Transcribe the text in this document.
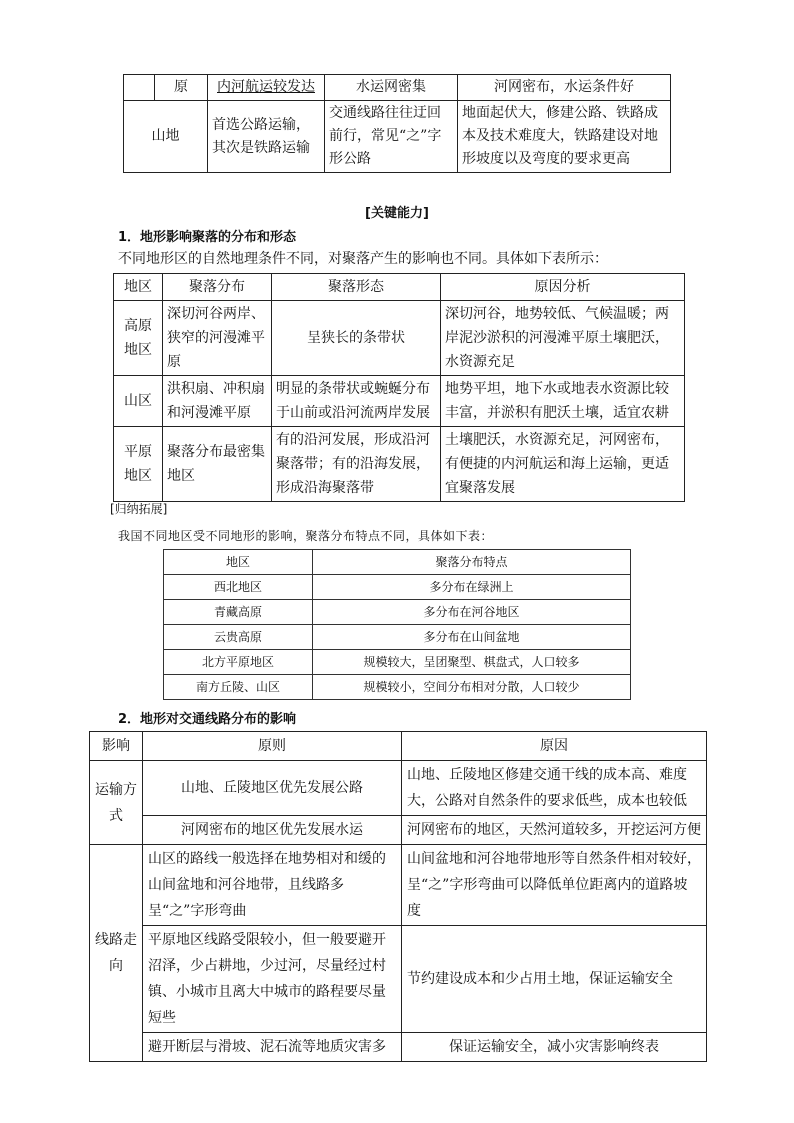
	原	内河航运较发达	水运网密集	河网密布，水运条件好
山地		首选公路运输，其次是铁路运输	交通线路往往迂回前行，常见“之”字形公路	地面起伏大，修建公路、铁路成本及技术难度大，铁路建设对地形坡度以及弯度的要求更高
[关键能力]
1．地形影响聚落的分布和形态
不同地形区的自然地理条件不同，对聚落产生的影响也不同。具体如下表所示：
地区	聚落分布	聚落形态	原因分析
高原地区	深切河谷两岸、狭窄的河漫滩平原	呈狭长的条带状	深切河谷，地势较低、气候温暖；两岸泥沙淤积的河漫滩平原土壤肥沃，水资源充足
山区	洪积扇、冲积扇和河漫滩平原	明显的条带状或蜿蜒分布于山前或沿河流两岸发展	地势平坦，地下水或地表水资源比较丰富，并淤积有肥沃土壤，适宜农耕
平原地区	聚落分布最密集地区	有的沿河发展，形成沿河聚落带；有的沿海发展，形成沿海聚落带	土壤肥沃，水资源充足，河网密布，有便捷的内河航运和海上运输，更适宜聚落发展
[归纳拓展]
我国不同地区受不同地形的影响，聚落分布特点不同，具体如下表：
地区	聚落分布特点
西北地区	多分布在绿洲上
青藏高原	多分布在河谷地区
云贵高原	多分布在山间盆地
北方平原地区	规模较大，呈团聚型、棋盘式，人口较多
南方丘陵、山区	规模较小，空间分布相对分散，人口较少
2．地形对交通线路分布的影响
影响	原则	原因
运输方式	山地、丘陵地区优先发展公路	山地、丘陵地区修建交通干线的成本高、难度大，公路对自然条件的要求低些，成本也较低
	河网密布的地区优先发展水运	河网密布的地区，天然河道较多，开挖运河方便
线路走向	山区的路线一般选择在地势相对和缓的山间盆地和河谷地带，且线路多呈“之”字形弯曲	山间盆地和河谷地带地形等自然条件相对较好，呈“之”字形弯曲可以降低单位距离内的道路坡度
	平原地区线路受限较小，但一般要避开沼泽，少占耕地，少过河，尽量经过村镇、小城市且离大中城市的路程要尽量短些	节约建设成本和少占用土地，保证运输安全
	避开断层与滑坡、泥石流等地质灾害多	保证运输安全，减小灾害影响终表
